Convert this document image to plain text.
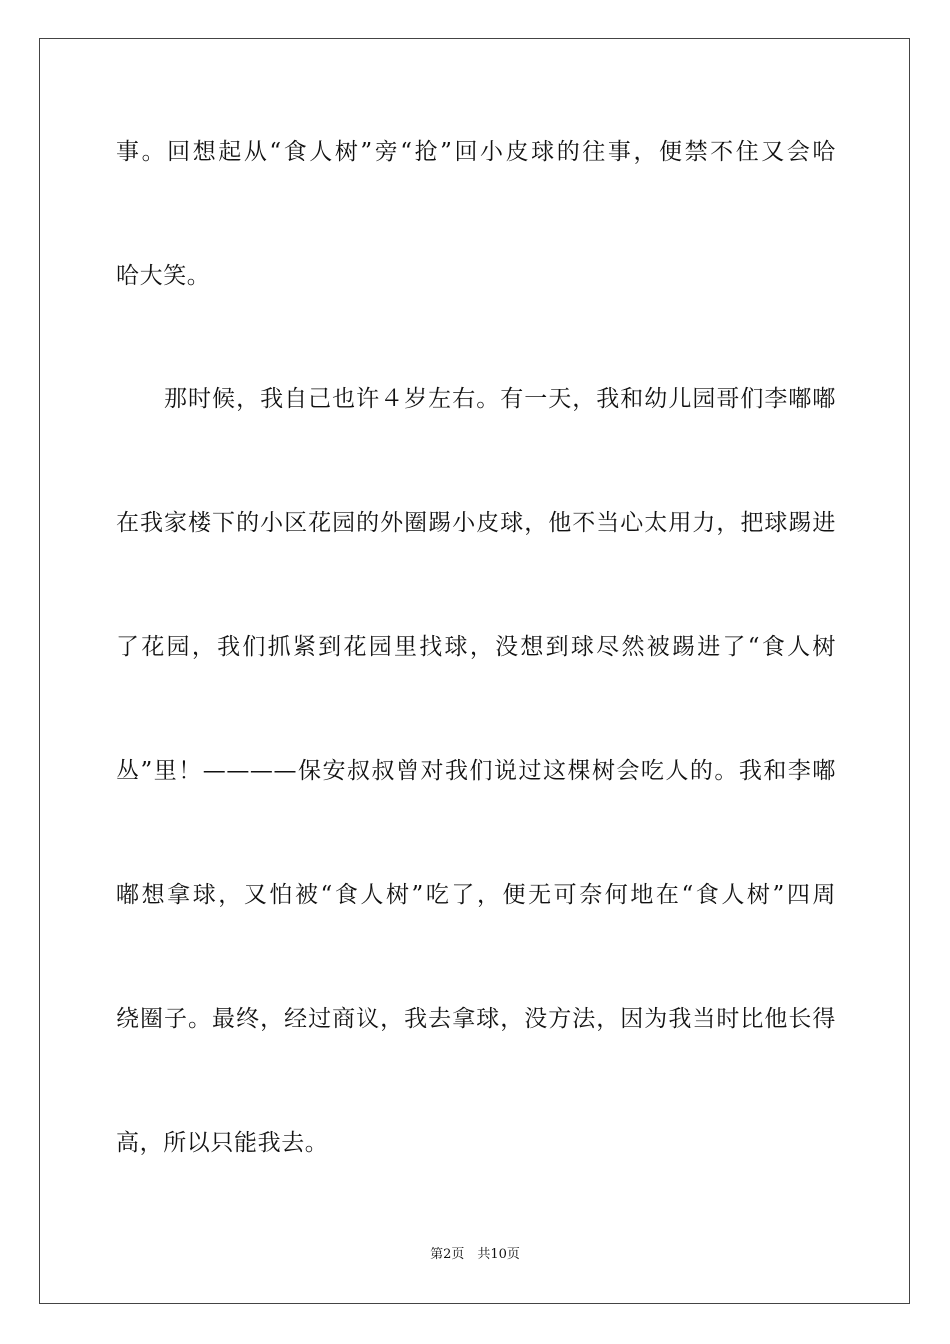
事。回想起从“食人树”旁“抢”回小皮球的往事，便禁不住又会哈
哈大笑。
　　那时候，我自己也许４岁左右。有一天，我和幼儿园哥们李嘟嘟
在我家楼下的小区花园的外圈踢小皮球，他不当心太用力，把球踢进
了花园，我们抓紧到花园里找球，没想到球尽然被踢进了“食人树
丛”里！————保安叔叔曾对我们说过这棵树会吃人的。我和李嘟
嘟想拿球，又怕被“食人树”吃了，便无可奈何地在“食人树”四周
绕圈子。最终，经过商议，我去拿球，没方法，因为我当时比他长得
高，所以只能我去。
第2页　共10页
